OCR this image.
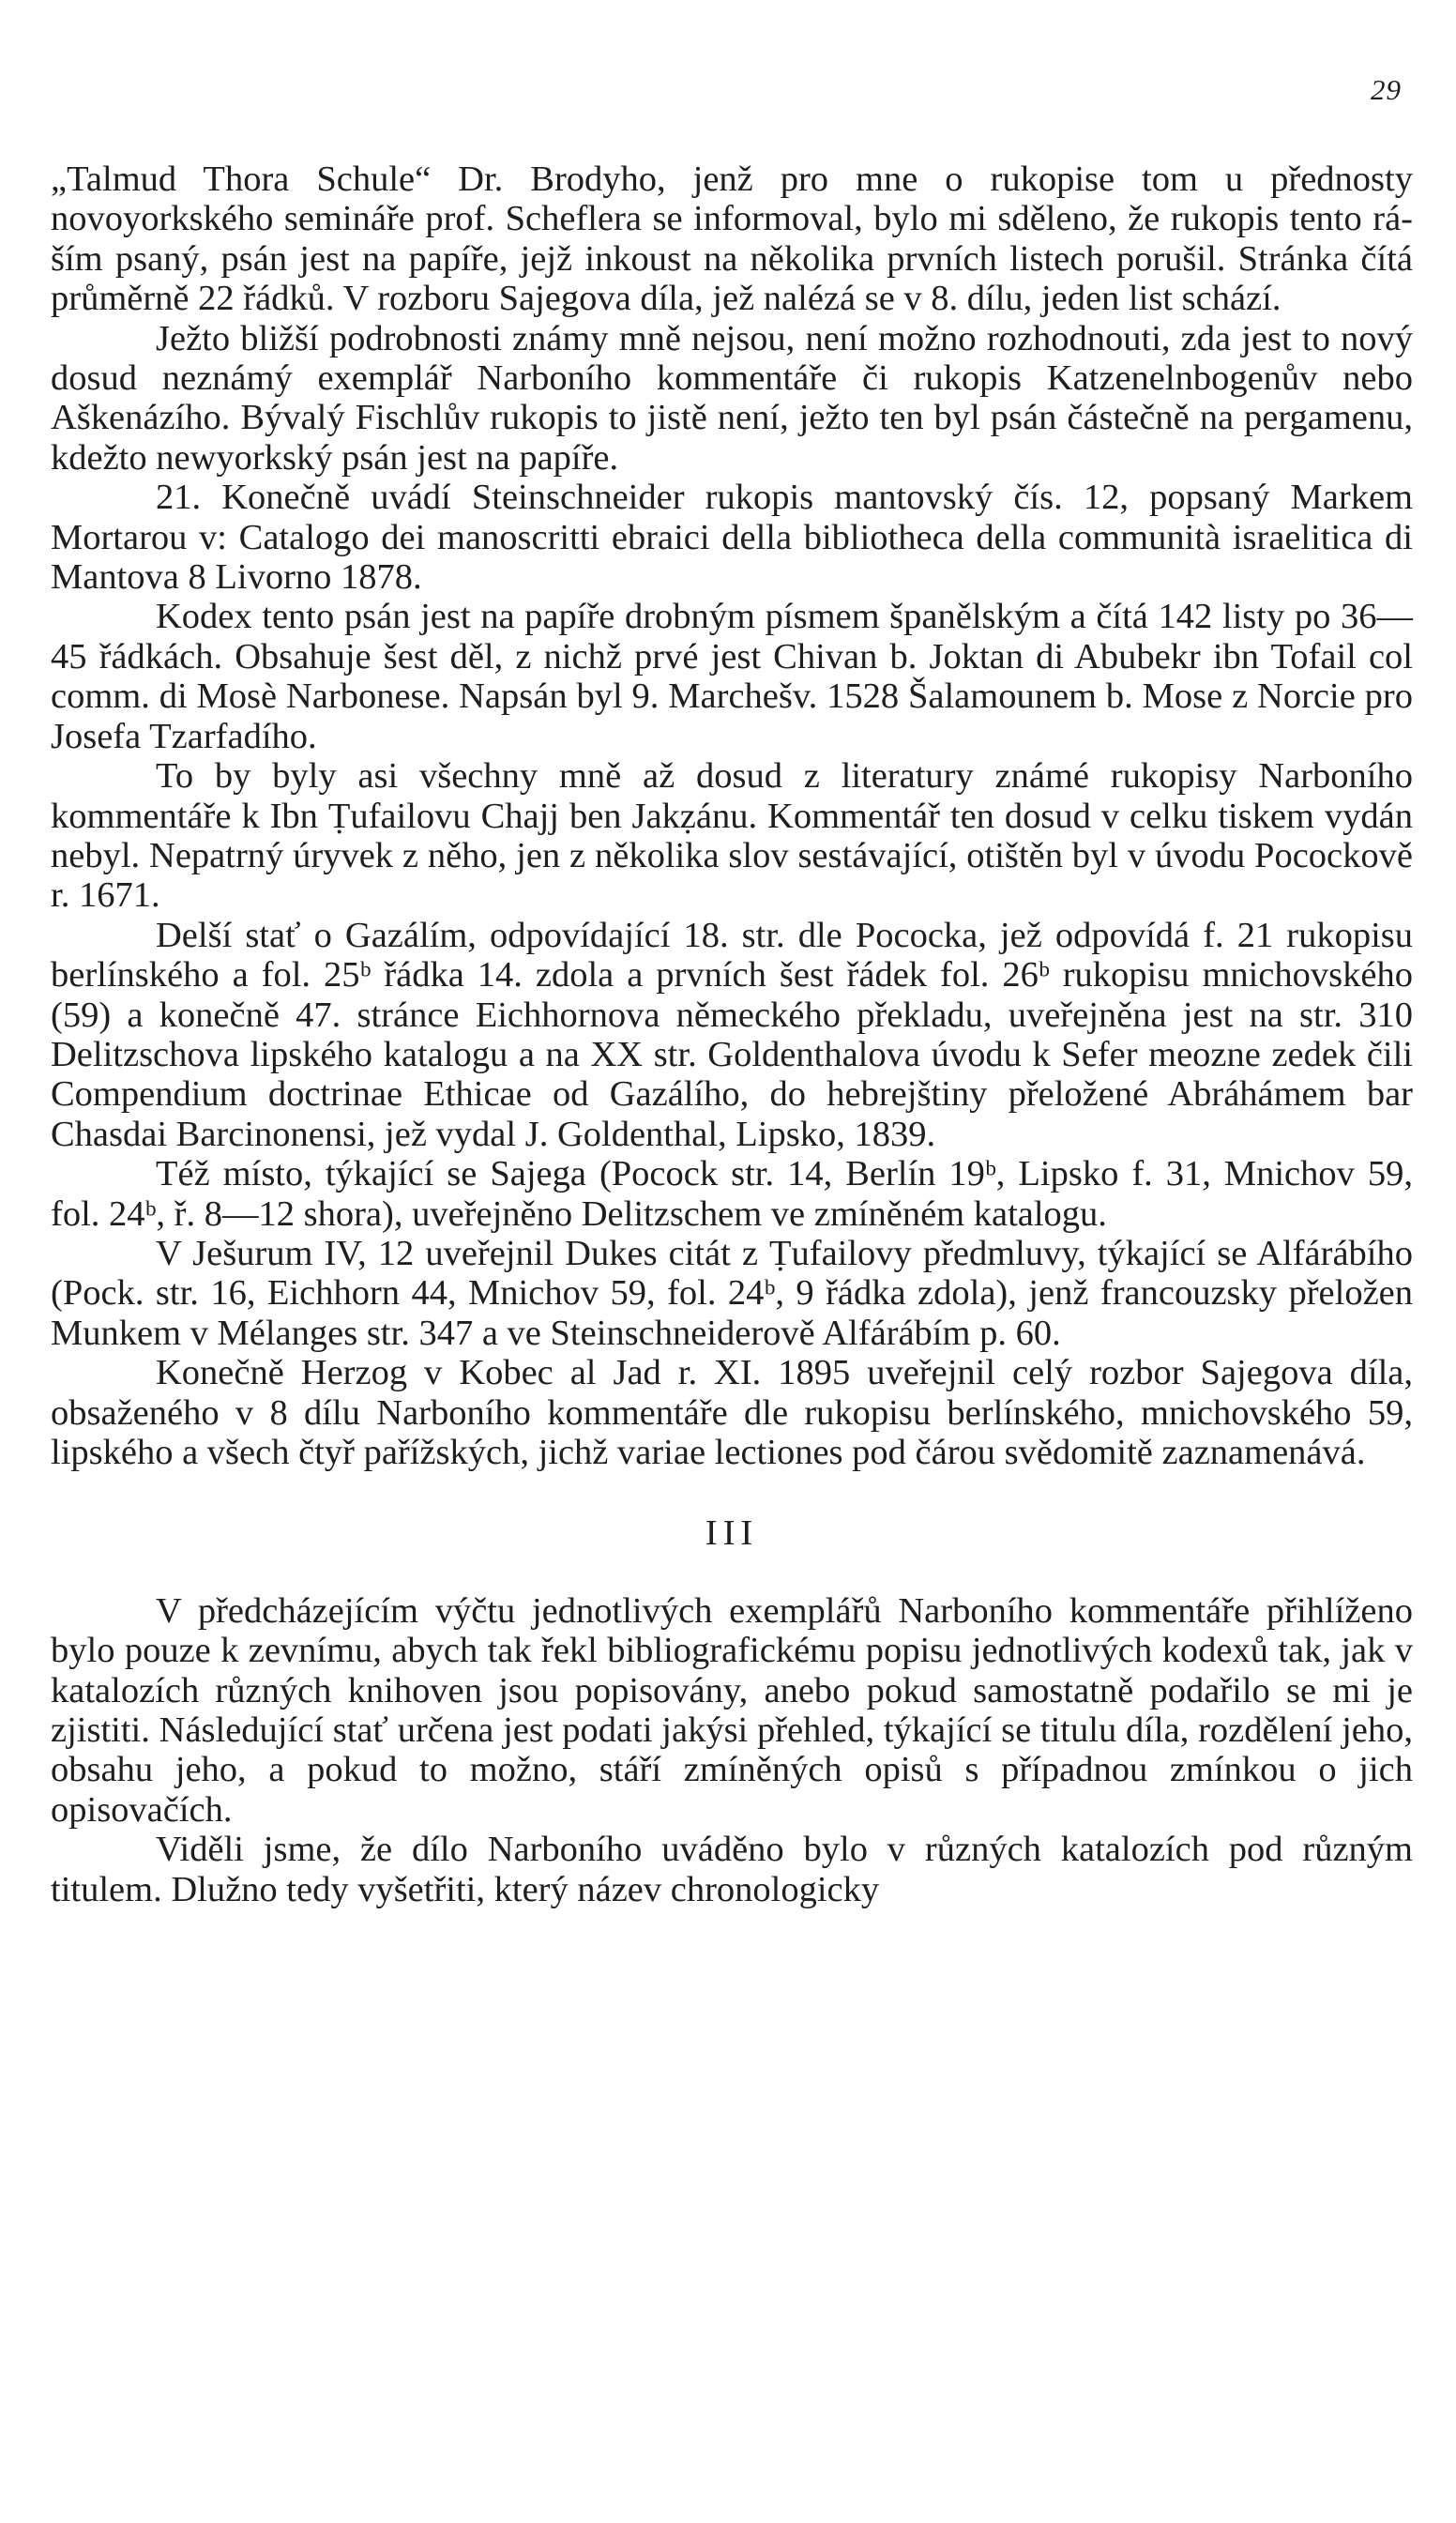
29

„Talmud Thora Schule“ Dr. Brodyho, jenž pro mne o rukopise tom u přednosty novoyorkského semináře prof. Scheflera se informoval, bylo mi sděleno, že rukopis tento ráším psaný, psán jest na papíře, jejž inkoust na několika prvních listech porušil. Stránka čítá průměrně 22 řádků. V rozboru Sajegova díla, jež nalézá se v 8. dílu, jeden list schází.

Ježto bližší podrobnosti známy mně nejsou, není možno rozhodnouti, zda jest to nový dosud neznámý exemplář Narboního kommentáře či rukopis Katzenelnbogenův nebo Aškenázího. Bývalý Fischlův rukopis to jistě není, ježto ten byl psán částečně na pergamenu, kdežto newyorkský psán jest na papíře.

21. Konečně uvádí Steinschneider rukopis mantovský čís. 12, popsaný Markem Mortarou v: Catalogo dei manoscritti ebraici della bibliotheca della communità israelitica di Mantova 8 Livorno 1878.

Kodex tento psán jest na papíře drobným písmem španělským a čítá 142 listy po 36—45 řádkách. Obsahuje šest děl, z nichž prvé jest Chivan b. Joktan di Abubekr ibn Tofail col comm. di Mosè Narbonese. Napsán byl 9. Marchešv. 1528 Šalamounem b. Mose z Norcie pro Josefa Tzarfadího.

To by byly asi všechny mně až dosud z literatury známé rukopisy Narboního kommentáře k Ibn Ṭufailovu Chajj ben Jakẓánu. Kommentář ten dosud v celku tiskem vydán nebyl. Nepatrný úryvek z něho, jen z několika slov sestávající, otištěn byl v úvodu Pocockově r. 1671.

Delší stať o Gazálím, odpovídající 18. str. dle Pococka, jež odpovídá f. 21 rukopisu berlínského a fol. 25ᵇ řádka 14. zdola a prvních šest řádek fol. 26ᵇ rukopisu mnichovského (59) a konečně 47. stránce Eichhornova německého překladu, uveřejněna jest na str. 310 Delitzschova lipského katalogu a na XX str. Goldenthalova úvodu k Sefer meozne zedek čili Compendium doctrinae Ethicae od Gazálího, do hebrejštiny přeložené Abráhámem bar Chasdai Barcinonensi, jež vydal J. Goldenthal, Lipsko, 1839.

Též místo, týkající se Sajega (Pocock str. 14, Berlín 19ᵇ, Lipsko f. 31, Mnichov 59, fol. 24ᵇ, ř. 8—12 shora), uveřejněno Delitzschem ve zmíněném katalogu.

V Ješurum IV, 12 uveřejnil Dukes citát z Ṭufailovy předmluvy, týkající se Alfárábího (Pock. str. 16, Eichhorn 44, Mnichov 59, fol. 24ᵇ, 9 řádka zdola), jenž francouzsky přeložen Munkem v Mélanges str. 347 a ve Steinschneiderově Alfárábím p. 60.

Konečně Herzog v Kobec al Jad r. XI. 1895 uveřejnil celý rozbor Sajegova díla, obsaženého v 8 dílu Narboního kommentáře dle rukopisu berlínského, mnichovského 59, lipského a všech čtyř pařížských, jichž variae lectiones pod čárou svědomitě zaznamenává.

III

V předcházejícím výčtu jednotlivých exemplářů Narboního kommentáře přihlíženo bylo pouze k zevnímu, abych tak řekl bibliografickému popisu jednotlivých kodexů tak, jak v katalozích různých knihoven jsou popisovány, anebo pokud samostatně podařilo se mi je zjistiti. Následující stať určena jest podati jakýsi přehled, týkající se titulu díla, rozdělení jeho, obsahu jeho, a pokud to možno, stáří zmíněných opisů s případnou zmínkou o jich opisovačích.

Viděli jsme, že dílo Narboního uváděno bylo v různých katalozích pod různým titulem. Dlužno tedy vyšetřiti, který název chronologicky
